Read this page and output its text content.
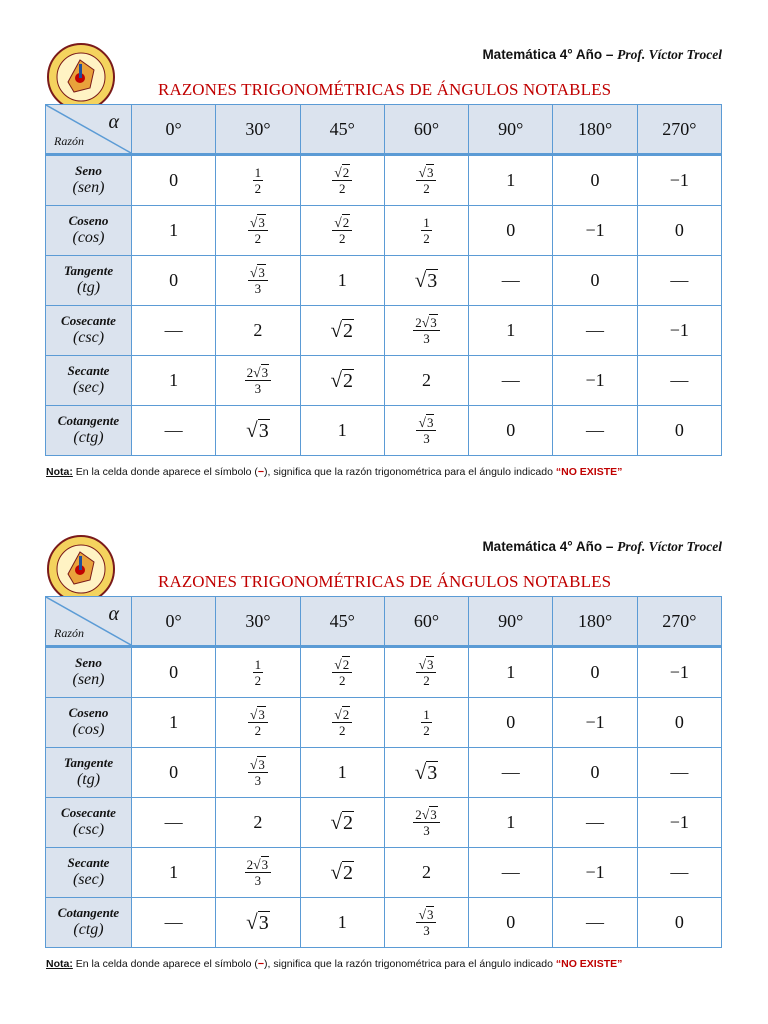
Matemática 4° Año – Prof. Víctor Trocel
RAZONES TRIGONOMÉTRICAS DE ÁNGULOS NOTABLES
α
Razón	0°	30°	45°	60°	90°	180°	270°

Seno
(sen)	0	$\frac{1}{2}$	$\frac{√2}{2}$	$\frac{√3}{2}$	1	0	−1

Coseno
(cos)	1	$\frac{√3}{2}$	$\frac{√2}{2}$	$\frac{1}{2}$	0	−1	0

Tangente
(tg)	0	$\frac{√3}{3}$	1	√3	—	0	—

Cosecante
(csc)	—	2	√2	$\frac{2√3}{3}$	1	—	−1

Secante
(sec)	1	$\frac{2√3}{3}$	√2	2	—	−1	—

Cotangente
(ctg)	—	√3	1	$\frac{√3}{3}$	0	—	0
Nota: En la celda donde aparece el símbolo (−), significa que la razón trigonométrica para el ángulo indicado “NO EXISTE”
Matemática 4° Año – Prof. Víctor Trocel
RAZONES TRIGONOMÉTRICAS DE ÁNGULOS NOTABLES
α
Razón	0°	30°	45°	60°	90°	180°	270°

Seno
(sen)	0	$\frac{1}{2}$	$\frac{√2}{2}$	$\frac{√3}{2}$	1	0	−1

Coseno
(cos)	1	$\frac{√3}{2}$	$\frac{√2}{2}$	$\frac{1}{2}$	0	−1	0

Tangente
(tg)	0	$\frac{√3}{3}$	1	√3	—	0	—

Cosecante
(csc)	—	2	√2	$\frac{2√3}{3}$	1	—	−1

Secante
(sec)	1	$\frac{2√3}{3}$	√2	2	—	−1	—

Cotangente
(ctg)	—	√3	1	$\frac{√3}{3}$	0	—	0
Nota: En la celda donde aparece el símbolo (−), significa que la razón trigonométrica para el ángulo indicado “NO EXISTE”
